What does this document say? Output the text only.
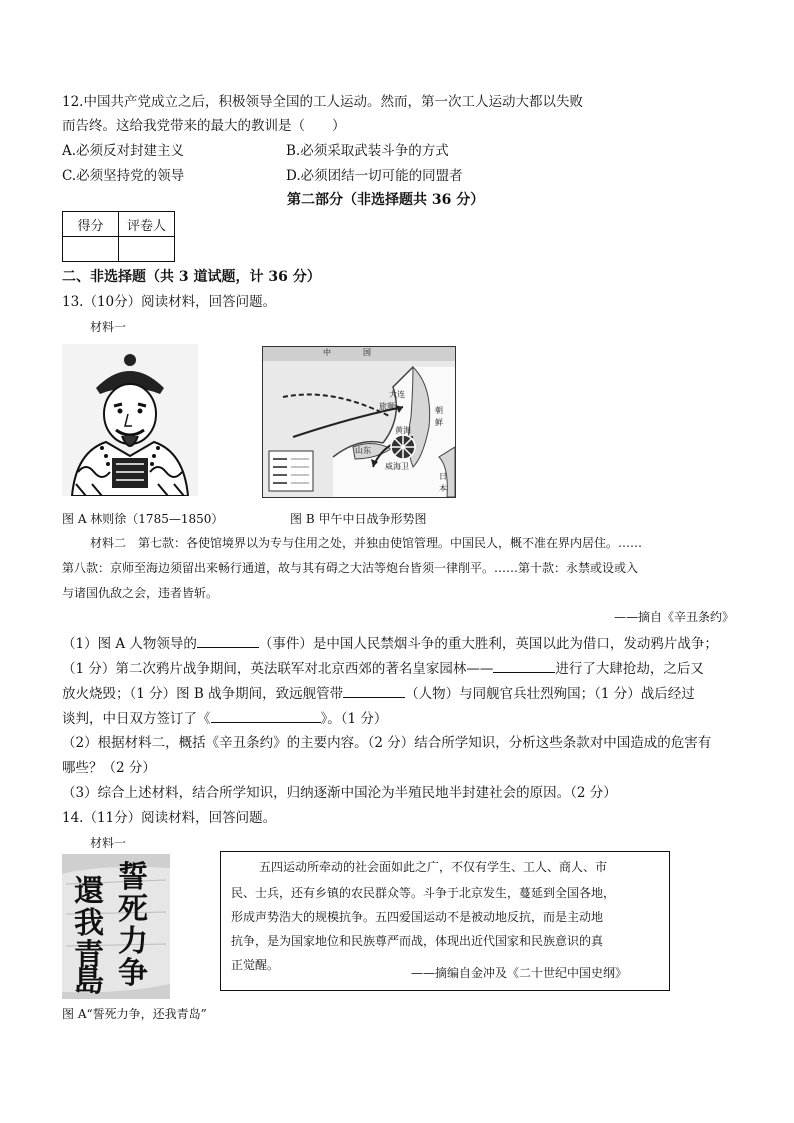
12.中国共产党成立之后，积极领导全国的工人运动。然而，第一次工人运动大都以失败
而告终。这给我党带来的最大的教训是（　　）
A.必须反对封建主义	B.必须采取武装斗争的方式
C.必须坚持党的领导	D.必须团结一切可能的同盟者
第二部分（非选择题共 36 分）
得分	评卷人

二、非选择题（共 3 道试题，计 36 分）
13.（10分）阅读材料，回答问题。
材料一
中	国
朝
鲜
日
本
威海卫
旅顺
大连
山东
黄海
图 A 林则徐（1785—1850）	图 B 甲午中日战争形势图
材料二　第七款：各使馆境界以为专与住用之处，并独由使馆管理。中国民人，概不准在界内居住。……
第八款：京师至海边须留出来畅行通道，故与其有碍之大沽等炮台皆须一律削平。……第十款：永禁或设或入
与诸国仇敌之会，违者皆斩。
——摘自《辛丑条约》
（1）图 A 人物领导的	（事件）是中国人民禁烟斗争的重大胜利，英国以此为借口，发动鸦片战争；
（1 分）第二次鸦片战争期间，英法联军对北京西郊的著名皇家园林——	进行了大肆抢劫，之后又
放火烧毁；（1 分）图 B 战争期间，致远舰管带	（人物）与同舰官兵壮烈殉国；（1 分）战后经过
谈判，中日双方签订了《	》。（1 分）
（2）根据材料二，概括《辛丑条约》的主要内容。（2 分）结合所学知识，分析这些条款对中国造成的危害有
哪些？（2 分）
（3）综合上述材料，结合所学知识，归纳逐渐中国沦为半殖民地半封建社会的原因。（2 分）
14.（11分）阅读材料，回答问题。
材料一
誓
死
力
争
還
我
青
島
五四运动所牵动的社会面如此之广，不仅有学生、工人、商人、市
民、士兵，还有乡镇的农民群众等。斗争于北京发生，蔓延到全国各地，
形成声势浩大的规模抗争。五四爱国运动不是被动地反抗，而是主动地
抗争，是为国家地位和民族尊严而战，体现出近代国家和民族意识的真
正觉醒。
——摘编自金冲及《二十世纪中国史纲》
图 A“誓死力争，还我青岛”
